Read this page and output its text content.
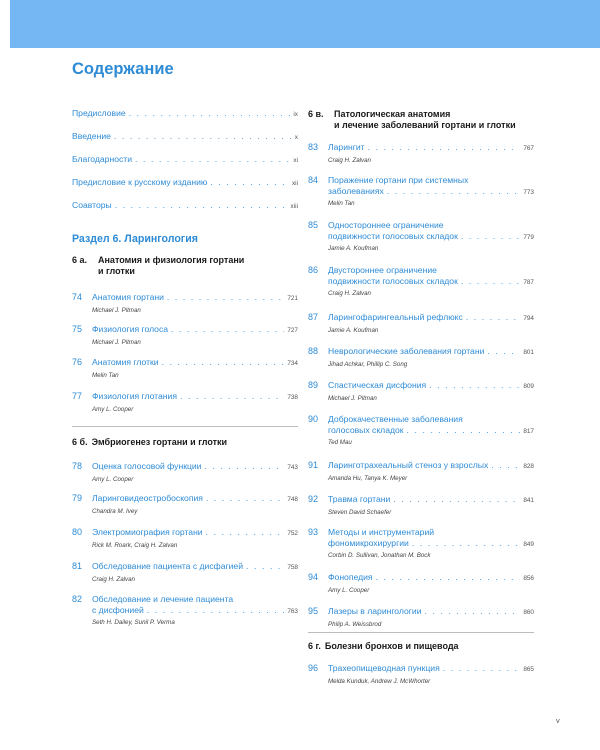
Содержание
Предисловие . . .	ix
Введение . . .	x
Благодарности . . .	xi
Предисловие к русскому изданию . . .	xii
Соавторы . . .	xiii
Раздел 6. Ларингология
6 а.	Анатомия и физиология гортани
и глотки
74	Анатомия гортани . . .	721
Michael J. Pitman
75	Физиология голоса . . .	727
Michael J. Pitman
76	Анатомия глотки . . .	734
Melin Tan
77	Физиология глотания . . .	738
Amy L. Cooper
6 б. Эмбриогенез гортани и глотки
78	Оценка голосовой функции . . .	743
Amy L. Cooper
79	Ларинговидеостробоскопия . . .	748
Chandra M. Ivey
80	Электромиография гортани . . .	752
Rick M. Roark, Craig H. Zalvan
81	Обследование пациента с дисфагией . . .	758
Craig H. Zalvan
82	Обследование и лечение пациента
с дисфонией . . .	763
Seth H. Dailey, Sunil P. Verma
6 в.	Патологическая анатомия
и лечение заболеваний гортани и глотки
83	Ларингит . . .	767
Craig H. Zalvan
84	Поражение гортани при системных
заболеваниях . . .	773
Melin Tan
85	Одностороннее ограничение
подвижности голосовых складок . . .	779
Jamie A. Koufman
86	Двустороннее ограничение
подвижности голосовых складок . . .	787
Craig H. Zalvan
87	Ларингофарингеальный рефлюкс . . .	794
Jamie A. Koufman
88	Неврологические заболевания гортани . . .	801
Jihad Achkar, Phillip C. Song
89	Спастическая дисфония . . .	809
Michael J. Pitman
90	Доброкачественные заболевания
голосовых складок . . .	817
Ted Mau
91	Ларинготрахеальный стеноз у взрослых . . .	828
Amanda Hu, Tanya K. Meyer
92	Травма гортани . . .	841
Steven David Schaefer
93	Методы и инструментарий
фономикрохирургии . . .	849
Corbin D. Sullivan, Jonathan M. Bock
94	Фонопедия . . .	856
Amy L. Cooper
95	Лазеры в ларингологии . . .	860
Philip A. Weissbrod
6 г. Болезни бронхов и пищевода
96	Трахеопищеводная пункция . . .	865
Melda Kunduk, Andrew J. McWhorter
v
